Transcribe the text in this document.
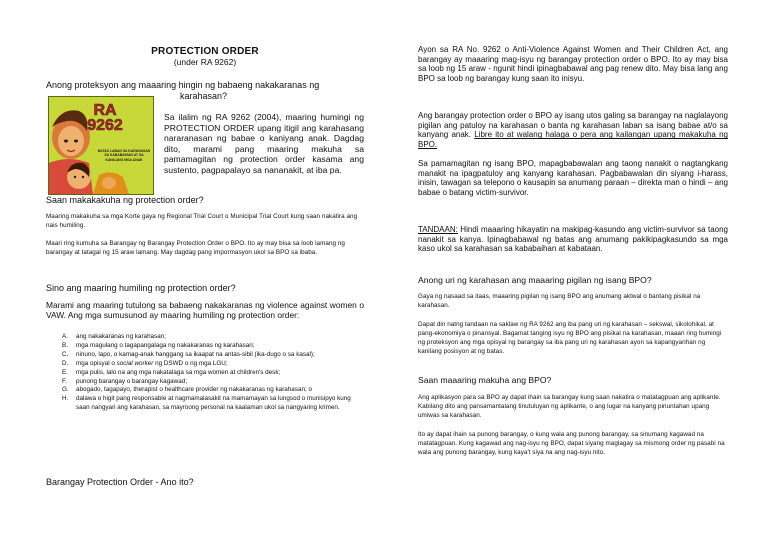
PROTECTION ORDER
(under RA 9262)
Anong proteksyon ang maaaring hingin ng babaeng nakakaranas ng
karahasan?
RA
9262
BATAS LABAN SA KARAHASAN SA KABABAIHAN AT SA KANILANG MGA ANAK
Sa ilalim ng RA 9262 (2004), maaring humingi ng PROTECTION ORDER upang itigil ang karahasang nararanasan ng babae o kaniyang anak. Dagdag dito, marami pang maaring makuha sa pamamagitan ng protection order kasama ang sustento, pagpapalayo sa nananakit, at iba pa.
Saan makakakuha ng protection order?
Maaring makakuha sa mga Korte gaya ng Regional Trial Court o Municipal Trial Court kung saan nakatira ang nais humiling.
Maari ring kumuha sa Barangay ng Barangay Protection Order o BPO. Ito ay may bisa sa loob lamang ng barangay at tatagal ng 15 araw lamang. May dagdag pang impormasyon ukol sa BPO sa ibaba.
Sino ang maaring humiling ng protection order?
Marami ang maaring tutulong sa babaeng nakakaranas ng violence against women o VAW. Ang mga sumusunod ay maaring humiling ng protection order:
A. ang nakakaranas ng karahasan;
B. mga magulang o tagapangalaga ng nakakaranas ng karahasan;
C. ninuno, lapo, o kamag-anak hanggang sa ikaapat na antas-sibil (ika-dugo o sa kasal);
D. mga opisyal o social worker ng DSWD o ng mga LGU;
E. mga pulis, lalo na ang mga nakatalaga sa mga women at children's desk;
F. punong barangay o barangay kagawad;
G. abogado, tagapayo, therapist o healthcare provider ng nakakaranas ng karahasan; o
H. dalawa o higit pang responsable at nagmamalasakit na mamamayan sa lungsod o munisipyo kung saan nangyari ang karahasan, sa mayroong personal na kaalaman ukol sa nangyaring krimen.
Barangay Protection Order - Ano ito?
Ayon sa RA No. 9262 o Anti-Violence Against Women and Their Children Act, ang barangay ay maaaring mag-isyu ng barangay protection order o BPO. Ito ay may bisa sa loob ng 15 araw - ngunit hindi ipinagbabawal ang pag renew dito. May bisa lang ang BPO sa loob ng barangay kung saan ito inisyu.
Ang barangay protection order o BPO ay isang utos galing sa barangay na naglalayong pigilan ang patuloy na karahasan o banta ng karahasan laban sa isang babae at/o sa kanyang anak. Libre ito at walang halaga o pera ang kailangan upang makakuha ng BPO.
Sa pamamagitan ng isang BPO, mapagbabawalan ang taong nanakit o nagtangkang manakit na ipagpatuloy ang kanyang karahasan. Pagbabawalan din siyang i-harass, inisin, tawagan sa telepono o kausapin sa anumang paraan – direkta man o hindi – ang babae o batang victim-survivor.
TANDAAN: Hindi maaaring hikayatin na makipag-kasundo ang victim-survivor sa taong nanakit sa kanya. Ipinagbabawal ng batas ang anumang pakikipagkasundo sa mga kaso ukol sa karahasan sa kababaihan at kabataan.
Anong uri ng karahasan ang maaaring pigilan ng isang BPO?
Gaya ng nasaad sa itaas, maaaring pigilan ng isang BPO ang anumang aktwal o bantang pisikal na karahasan.
Dapat din natng tandaan na saklaw ng RA 9262 ang iba pang uri ng karahasan – sekswal, sikolohikal, at pang-ekonomiya o pinansyal. Bagamat tanging isyu ng BPO ang pisikal na karahasan, maaari ring humingi ng proteksyon ang mga opisyal ng barangay sa iba pang uri ng karahasan ayon sa kapangyarihan ng kanilang posisyon at ng batas.
Saan maaaring makuha ang BPO?
Ang aplikasyon para sa BPO ay dapat ihain sa barangay kung saan nakatira o matatagpuan ang aplikante. Kabilang dito ang pansamantalang tinutuluyan ng aplikante, o ang lugar na kanyang pinuntahan upang umiwas sa karahasan.
Ito ay dapat ihain sa punong barangay, o kung wala ang punong barangay, sa sinumang kagawad na matatagpuan. Kung kagawad ang nag-isyu ng BPO, dapat siyang maglagay sa mismong order ng pasabi na wala ang punong barangay, kung kaya't siya na ang nag-isyu nito.
